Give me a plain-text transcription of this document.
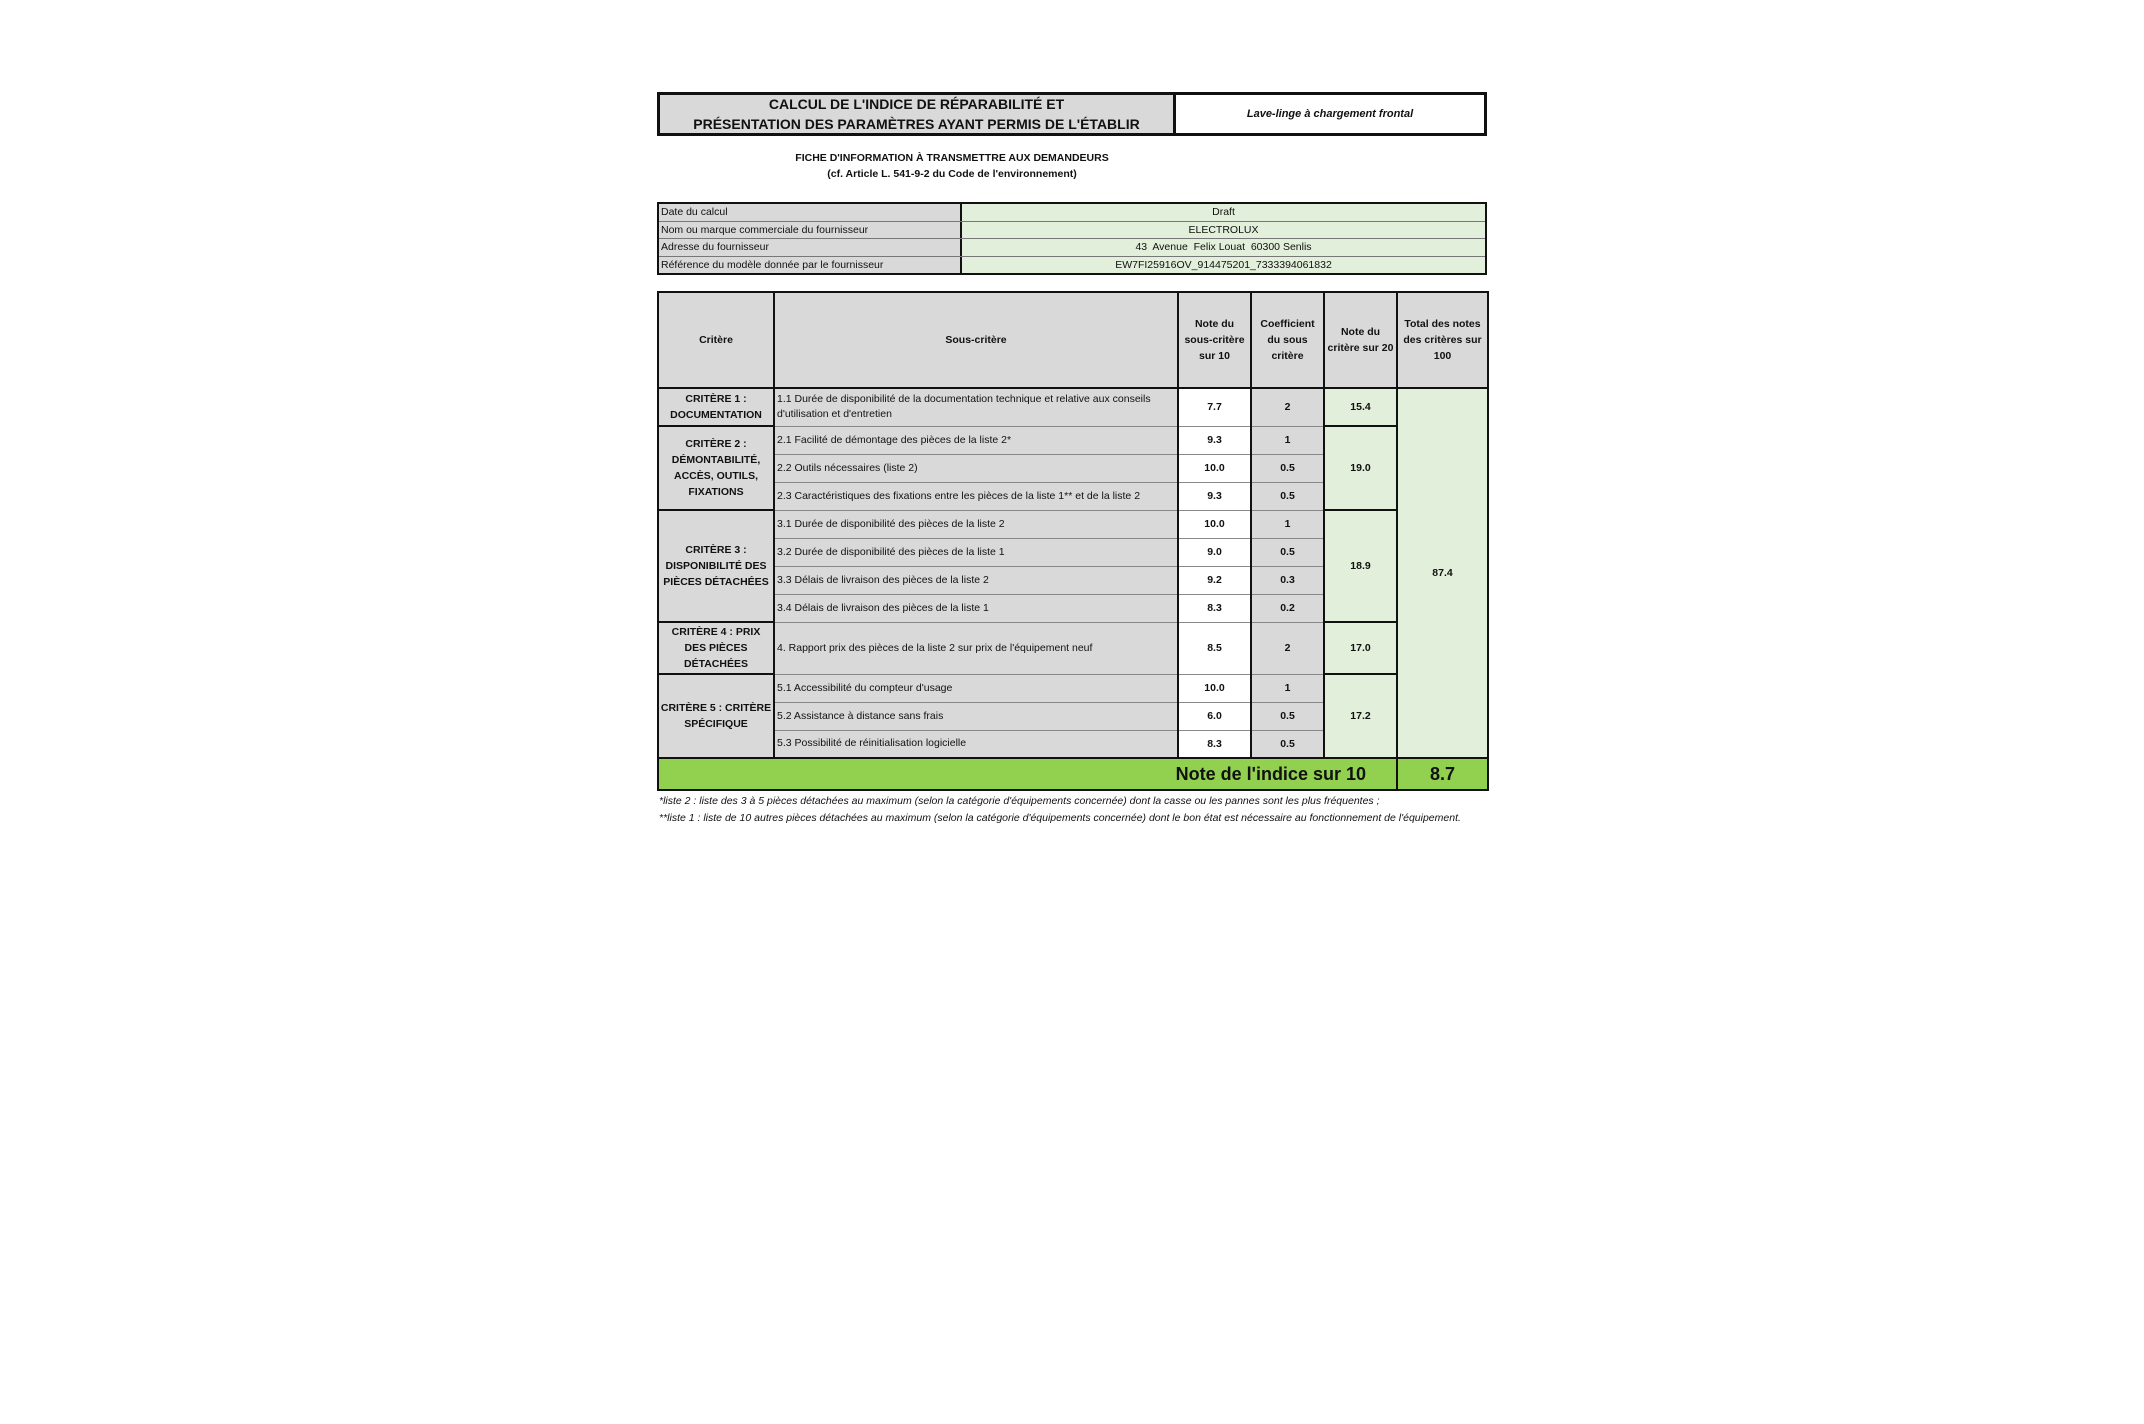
CALCUL DE L'INDICE DE RÉPARABILITÉ ET
PRÉSENTATION DES PARAMÈTRES AYANT PERMIS DE L'ÉTABLIR
Lave-linge à chargement frontal
FICHE D'INFORMATION À TRANSMETTRE AUX DEMANDEURS
(cf. Article L. 541-9-2 du Code de l'environnement)
Date du calcul	Draft
Nom ou marque commerciale du fournisseur	ELECTROLUX
Adresse du fournisseur	43  Avenue  Felix Louat  60300 Senlis
Référence du modèle donnée par le fournisseur	EW7FI25916OV_914475201_7333394061832
Critère	Sous-critère	Note du sous-critère sur 10	Coefficient du sous critère	Note du critère sur 20	Total des notes des critères sur 100
CRITÈRE 1 : DOCUMENTATION	1.1 Durée de disponibilité de la documentation technique et relative aux conseils d'utilisation et d'entretien	7.7	2	15.4	87.4
CRITÈRE 2 : DÉMONTABILITÉ, ACCÈS, OUTILS, FIXATIONS	2.1 Facilité de démontage des pièces de la liste 2*	9.3	1	19.0	
	2.2 Outils nécessaires (liste 2)	10.0	0.5		
	2.3 Caractéristiques des fixations entre les pièces de la liste 1** et de la liste 2	9.3	0.5		
CRITÈRE 3 : DISPONIBILITÉ DES PIÈCES DÉTACHÉES	3.1 Durée de disponibilité des pièces de la liste 2	10.0	1	18.9	
	3.2 Durée de disponibilité des pièces de la liste 1	9.0	0.5		
	3.3 Délais de livraison des pièces de la liste 2	9.2	0.3		
	3.4 Délais de livraison des pièces de la liste 1	8.3	0.2		
CRITÈRE 4 : PRIX DES PIÈCES DÉTACHÉES	4. Rapport prix des pièces de la liste 2 sur prix de l'équipement neuf	8.5	2	17.0	
CRITÈRE 5 : CRITÈRE SPÉCIFIQUE	5.1 Accessibilité du compteur d'usage	10.0	1	17.2	
	5.2 Assistance à distance sans frais	6.0	0.5		
	5.3 Possibilité de réinitialisation logicielle	8.3	0.5		
Note de l'indice sur 10					8.7
*liste 2 : liste des 3 à 5 pièces détachées au maximum (selon la catégorie d'équipements concernée) dont la casse ou les pannes sont les plus fréquentes ;
**liste 1 : liste de 10 autres pièces détachées au maximum (selon la catégorie d'équipements concernée) dont le bon état est nécessaire au fonctionnement de l'équipement.
